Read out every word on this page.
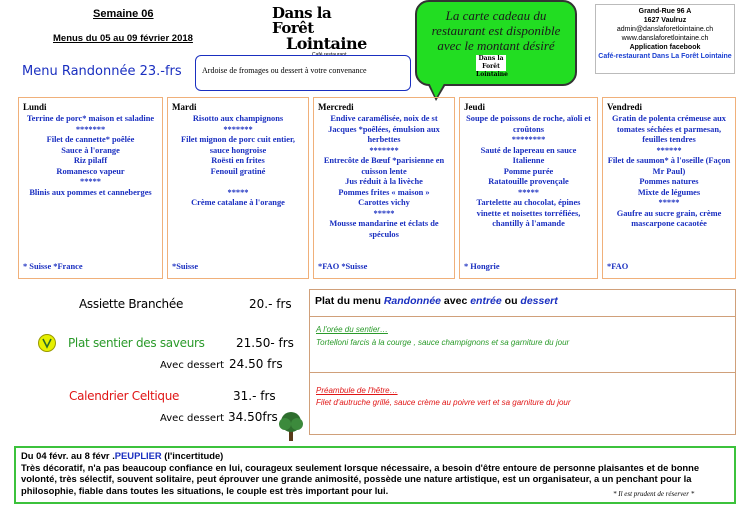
Semaine 06
Menus du 05 au 09 février 2018
Dans la Forêt
Lointaine
Café restaurant
La carte cadeau du restaurant est disponible avec le montant désiré
Dans la Forêt Lointaine
Grand-Rue 96 A
1627 Vaulruz
admin@danslaforetlointaine.ch
www.danslaforetlointaine.ch
Application facebook
Café-restaurant Dans La Forêt Lointaine
Menu Randonnée 23.-frs	Ardoise de fromages ou dessert à votre convenance
Lundi
Terrine de porc* maison et saladine
*******
Filet de cannette* poêlée
Sauce à l'orange
Riz pilaff
Romanesco vapeur
*****
Blinis aux pommes et canneberges
* Suisse *France
Mardi
Risotto aux champignons
*******
Filet mignon de porc cuit entier, sauce hongroise
Roësti en frites
Fenouil gratiné

*****
Crème catalane à l'orange
*Suisse
Mercredi
Endive caramélisée, noix de st Jacques *poêlées, émulsion aux herbettes
*******
Entrecôte de Bœuf *parisienne en cuisson lente
Jus réduit à la livèche
Pommes frites « maison »
Carottes vichy
*****
Mousse mandarine et éclats de spéculos
*FAO *Suisse
Jeudi
Soupe de poissons de roche, aïoli et croûtons
********
Sauté de lapereau en sauce Italienne
Pomme purée
Ratatouille provençale
*****
Tartelette au chocolat, épines vinette et noisettes torréfiées, chantilly à l'amande
* Hongrie
Vendredi
Gratin de polenta crémeuse aux tomates séchées et parmesan, feuilles tendres
******
Filet de saumon* à l'oseille (Façon Mr Paul)
Pommes natures
Mixte de légumes
*****
Gaufre au sucre grain, crème mascarpone cacaotée
*FAO
Assiette Branchée	20.- frs
Plat sentier des saveurs	21.50- frs
Avec dessert 24.50 frs
Calendrier Celtique	31.- frs
Avec dessert 34.50frs
Plat du menu Randonnée avec entrée ou dessert
A l'orée du sentier…
Tortelloni farcis à la courge , sauce champignons et sa garniture du jour
Préambule de l'hêtre…
Filet d'autruche grillé, sauce crème au poivre vert et sa garniture du jour
Du 04 févr. au 8 févr .PEUPLIER (l'incertitude)
Très décoratif, n'a pas beaucoup confiance en lui, courageux seulement lorsque nécessaire, a besoin d'être entoure de personne plaisantes et de bonne volonté, très sélectif, souvent solitaire, peut éprouver une grande animosité, possède une nature artistique, est un organisateur, a un penchant pour la philosophie, fiable dans toutes les situations, le couple est très important pour lui.	* Il est prudent de réserver *
